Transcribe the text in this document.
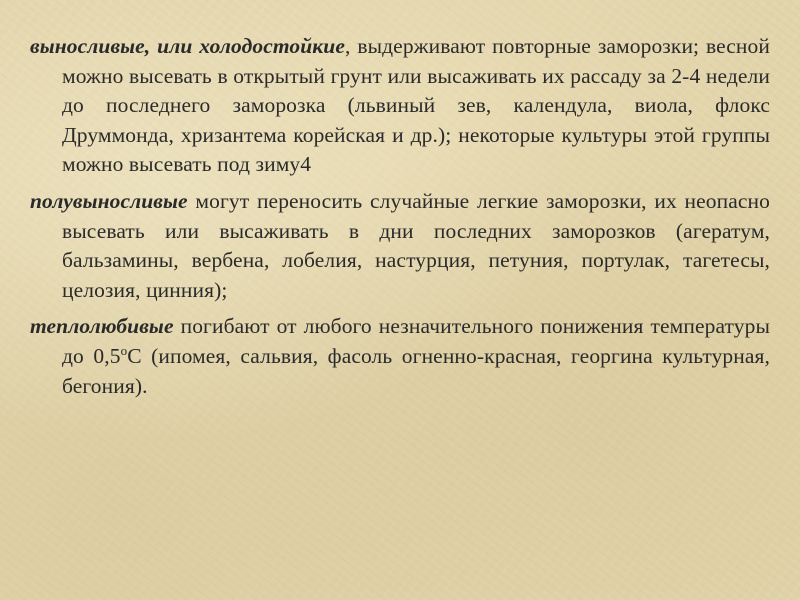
выносливые, или холодостойкие, выдерживают повторные заморозки; весной можно высевать в открытый грунт или высаживать их рассаду за 2-4 недели до последнего заморозка (львиный зев, календула, виола, флокс Друммонда, хризантема корейская и др.); некоторые культуры этой группы можно высевать под зиму4

полувыносливые могут переносить случайные легкие заморозки, их неопасно высевать или высаживать в дни последних заморозков (агератум, бальзамины, вербена, лобелия, настурция, петуния, портулак, тагетесы, целозия, цинния);

теплолюбивые погибают от любого незначительного понижения температуры до $0,5^оС$ (ипомея, сальвия, фасоль огненно-красная, георгина культурная, бегония).
